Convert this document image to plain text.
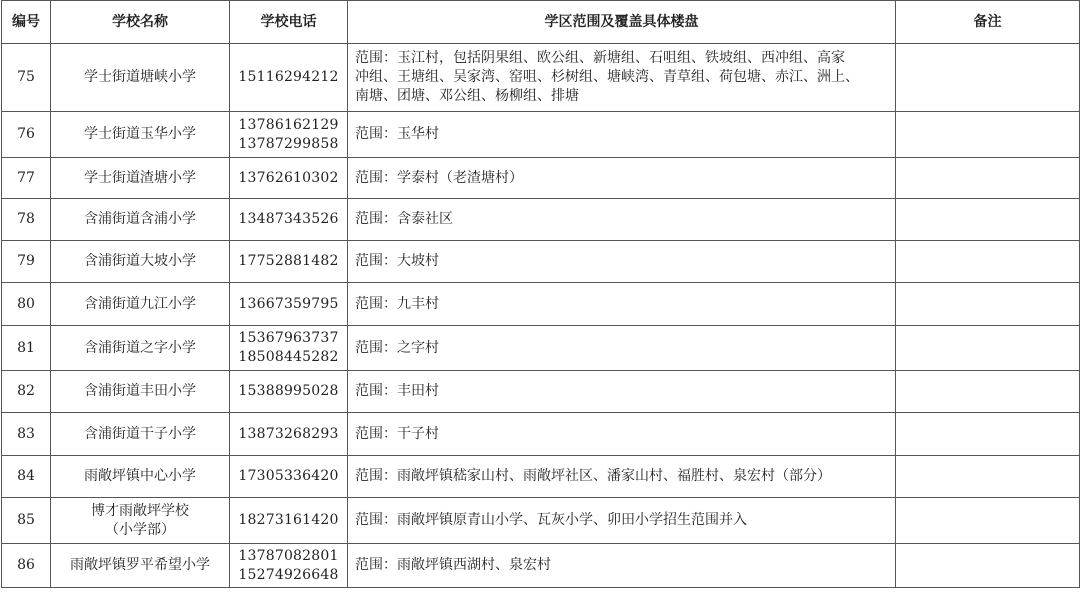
编号	学校名称	学校电话	学区范围及覆盖具体楼盘	备注
75	学士街道塘峡小学	15116294212	范围：玉江村，包括阴果组、欧公组、新塘组、石咀组、铁坡组、西冲组、高家
冲组、王塘组、吴家湾、窑咀、杉树组、塘峡湾、青草组、荷包塘、赤江、洲上、
南塘、团塘、邓公组、杨柳组、排塘	

76	学士街道玉华小学	13786162129
13787299858	范围：玉华村	

77	学士街道渣塘小学	13762610302	范围：学泰村（老渣塘村）	

78	含浦街道含浦小学	13487343526	范围：含泰社区	

79	含浦街道大坡小学	17752881482	范围：大坡村	

80	含浦街道九江小学	13667359795	范围：九丰村	

81	含浦街道之字小学	15367963737
18508445282	范围：之字村	

82	含浦街道丰田小学	15388995028	范围：丰田村	

83	含浦街道干子小学	13873268293	范围：干子村	

84	雨敞坪镇中心小学	17305336420	范围：雨敞坪镇嵇家山村、雨敞坪社区、潘家山村、福胜村、泉宏村（部分）	

85	博才雨敞坪学校
（小学部）	18273161420	范围：雨敞坪镇原青山小学、瓦灰小学、卯田小学招生范围并入	

86	雨敞坪镇罗平希望小学	13787082801
15274926648	范围：雨敞坪镇西湖村、泉宏村	
